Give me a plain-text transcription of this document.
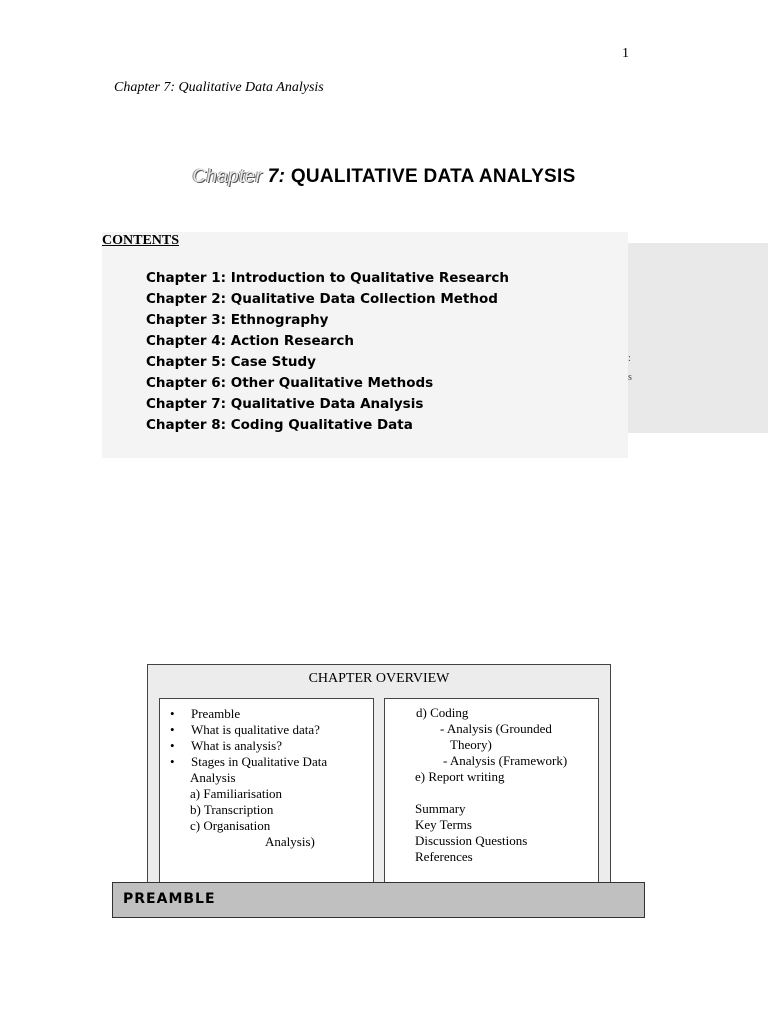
1
Chapter 7: Qualitative Data Analysis
Chapter 7: QUALITATIVE DATA ANALYSIS
:
s
CONTENTS
Chapter 1: Introduction to Qualitative Research
Chapter 2: Qualitative Data Collection Method
Chapter 3: Ethnography
Chapter 4: Action Research
Chapter 5: Case Study
Chapter 6: Other Qualitative Methods
Chapter 7: Qualitative Data Analysis
Chapter 8: Coding Qualitative Data
CHAPTER OVERVIEW
• Preamble
• What is qualitative data?
• What is analysis?
• Stages in Qualitative Data
Analysis
a) Familiarisation
b) Transcription
c) Organisation
Analysis)
d) Coding
- Analysis (Grounded
Theory)
- Analysis (Framework)
e) Report writing
Summary
Key Terms
Discussion Questions
References
PREAMBLE
